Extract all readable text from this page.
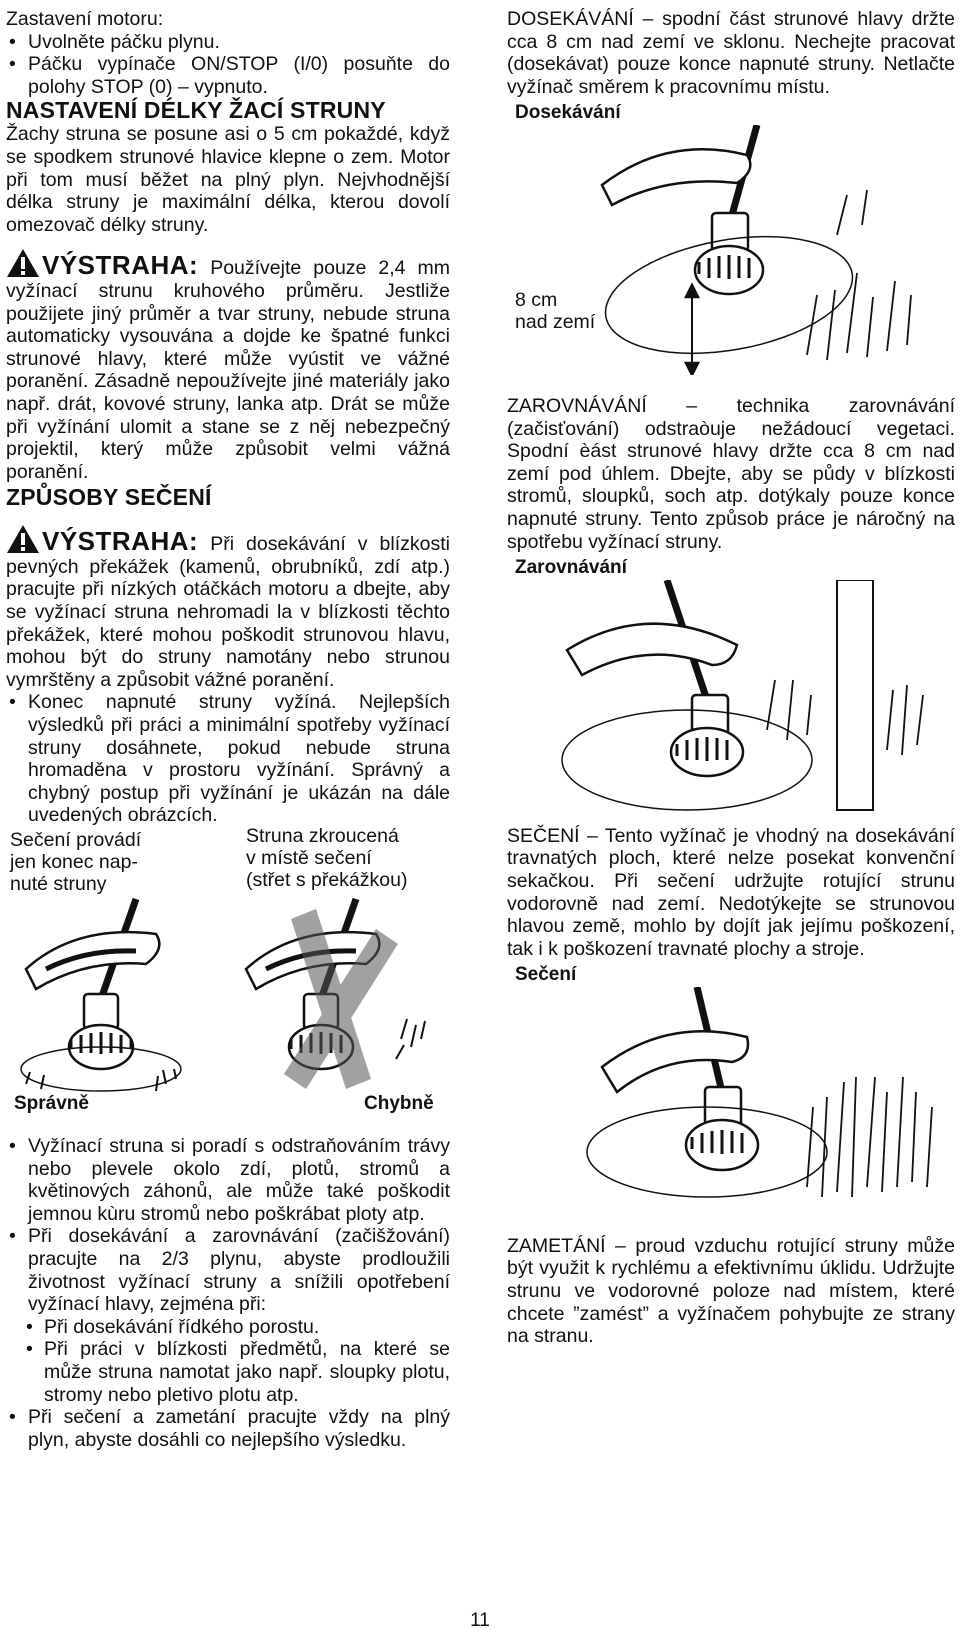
Zastavení motoru:

• Uvolněte páčku plynu.
• Páčku vypínače ON/STOP (I/0) posuňte do polohy STOP (0) – vypnuto.
NASTAVENÍ DÉLKY ŽACÍ STRUNY

Žachy struna se posune asi o 5 cm pokaždé, když se spodkem strunové hlavice klepne o zem. Motor při tom musí běžet na plný plyn. Nejvhodnější délka struny je maximální délka, kterou dovolí omezovač délky struny.

VÝSTRAHA: Používejte pouze 2,4 mm vyžínací strunu kruhového průměru. Jestliže použijete jiný průměr a tvar struny, nebude struna automaticky vysouvána a dojde ke špatné funkci strunové hlavy, které může vyústit ve vážné poranění. Zásadně nepoužívejte jiné materiály jako např. drát, kovové struny, lanka atp. Drát se může při vyžínání ulomit a stane se z něj nebezpečný projektil, který může způsobit velmi vážná poranění.

ZPŮSOBY SEČENÍ

VÝSTRAHA: Při dosekávání v blízkosti pevných překážek (kamenů, obrubníků, zdí atp.) pracujte při nízkých otáčkách motoru a dbejte, aby se vyžínací struna nehromadi la v blízkosti těchto překážek, které mohou poškodit strunovou hlavu, mohou být do struny namotány nebo strunou vymrštěny a způsobit vážné poranění.

• Konec napnuté struny vyžíná. Nejlepších výsledků při práci a minimální spotřeby vyžínací struny dosáhnete, pokud nebude struna hromaděna v prostoru vyžínání. Správný a chybný postup při vyžínání je ukázán na dále uvedených obrázcích.
Sečení provádí
jen konec nap-
nuté struny
Struna zkroucená
v místě sečení
(střet s překážkou)
Správně	Chybně
• Vyžínací struna si poradí s odstraňováním trávy nebo plevele okolo zdí, plotů, stromů a květinových záhonů, ale může také poškodit jemnou kùru stromů nebo poškrábat ploty atp.
• Při dosekávání a zarovnávání (začišžování) pracujte na 2/3 plynu, abyste prodloužili životnost vyžínací struny a snížili opotřebení vyžínací hlavy, zejména při:
• Při dosekávání řídkého porostu.
• Při práci v blízkosti předmětů, na které se může struna namotat jako např. sloupky plotu, stromy nebo pletivo plotu atp.
• Při sečení a zametání pracujte vždy na plný plyn, abyste dosáhli co nejlepšího výsledku.

DOSEKÁVÁNÍ – spodní část strunové hlavy držte cca 8 cm nad zemí ve sklonu. Nechejte pracovat (dosekávat) pouze konce napnuté struny. Netlačte vyžínač směrem k pracovnímu místu.

Dosekávání
8 cm
nad zemí

ZAROVNÁVÁNÍ – technika zarovnávání (začisťování) odstraòuje nežádoucí vegetaci. Spodní èást strunové hlavy držte cca 8 cm nad zemí pod úhlem. Dbejte, aby se půdy v blízkosti stromů, sloupků, soch atp. dotýkaly pouze konce napnuté struny. Tento způsob práce je náročný na spotřebu vyžínací struny.

Zarovnávání

SEČENÍ – Tento vyžínač je vhodný na dosekávání travnatých ploch, které nelze posekat konvenční sekačkou. Při sečení udržujte rotující strunu vodorovně nad zemí. Nedotýkejte se strunovou hlavou země, mohlo by dojít jak jejímu poškození, tak i k poškození travnaté plochy a stroje.

Sečení

ZAMETÁNÍ – proud vzduchu rotující struny může být využit k rychlému a efektivnímu úklidu. Udržujte strunu ve vodorovné poloze nad místem, které chcete ”zamést” a vyžínačem pohybujte ze strany na stranu.

11
